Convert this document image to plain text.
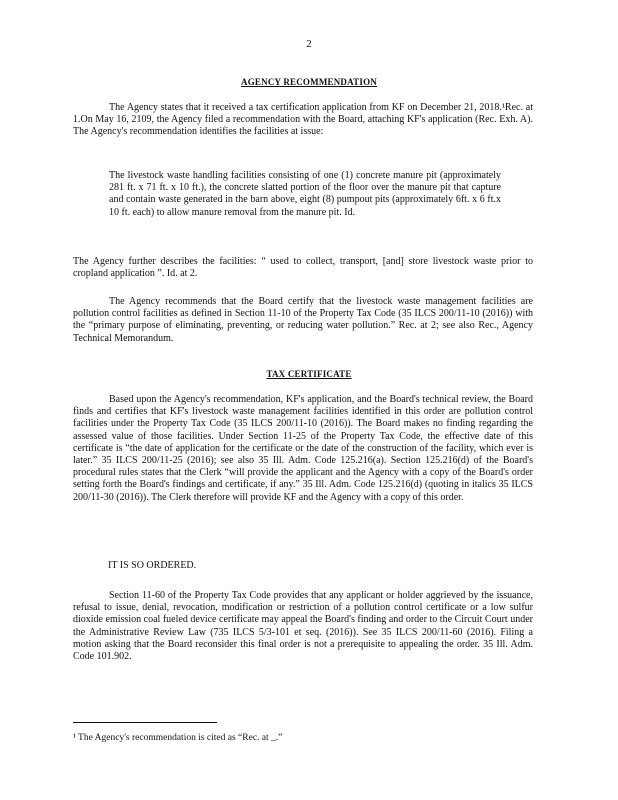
2
AGENCY RECOMMENDATION

The Agency states that it received a tax certification application from KF on December 21, 2018.¹Rec. at 1.On May 16, 2109, the Agency filed a recommendation with the Board, attaching KF's application (Rec. Exh. A). The Agency's recommendation identifies the facilities at issue:

The livestock waste handling facilities consisting of one (1) concrete manure pit (approximately 281 ft. x 71 ft. x 10 ft.), the concrete slatted portion of the floor over the manure pit that capture and contain waste generated in the barn above, eight (8) pumpout pits (approximately 6ft. x 6 ft.x 10 ft. each) to allow manure removal from the manure pit. Id.

The Agency further describes the facilities: “ used to collect, transport, [and] store livestock waste prior to cropland application ”. Id. at 2.

The Agency recommends that the Board certify that the livestock waste management facilities are pollution control facilities as defined in Section 11-10 of the Property Tax Code (35 ILCS 200/11-10 (2016)) with the “primary purpose of eliminating, preventing, or reducing water pollution.” Rec. at 2; see also Rec., Agency Technical Memorandum.

TAX CERTIFICATE

Based upon the Agency's recommendation, KF's application, and the Board's technical review, the Board finds and certifies that KF's livestock waste management facilities identified in this order are pollution control facilities under the Property Tax Code (35 ILCS 200/11-10 (2016)). The Board makes no finding regarding the assessed value of those facilities. Under Section 11-25 of the Property Tax Code, the effective date of this certificate is “the date of application for the certificate or the date of the construction of the facility, which ever is later.” 35 ILCS 200/11-25 (2016); see also 35 Ill. Adm. Code 125.216(a). Section 125.216(d) of the Board's procedural rules states that the Clerk “will provide the applicant and the Agency with a copy of the Board's order setting forth the Board's findings and certificate, if any.” 35 Ill. Adm. Code 125.216(d) (quoting in italics 35 ILCS 200/11-30 (2016)). The Clerk therefore will provide KF and the Agency with a copy of this order.

IT IS SO ORDERED.

Section 11-60 of the Property Tax Code provides that any applicant or holder aggrieved by the issuance, refusal to issue, denial, revocation, modification or restriction of a pollution control certificate or a low sulfur dioxide emission coal fueled device certificate may appeal the Board's finding and order to the Circuit Court under the Administrative Review Law (735 ILCS 5/3-101 et seq. (2016)). See 35 ILCS 200/11-60 (2016). Filing a motion asking that the Board reconsider this final order is not a prerequisite to appealing the order. 35 Ill. Adm. Code 101.902.

¹ The Agency's recommendation is cited as “Rec. at _.”
